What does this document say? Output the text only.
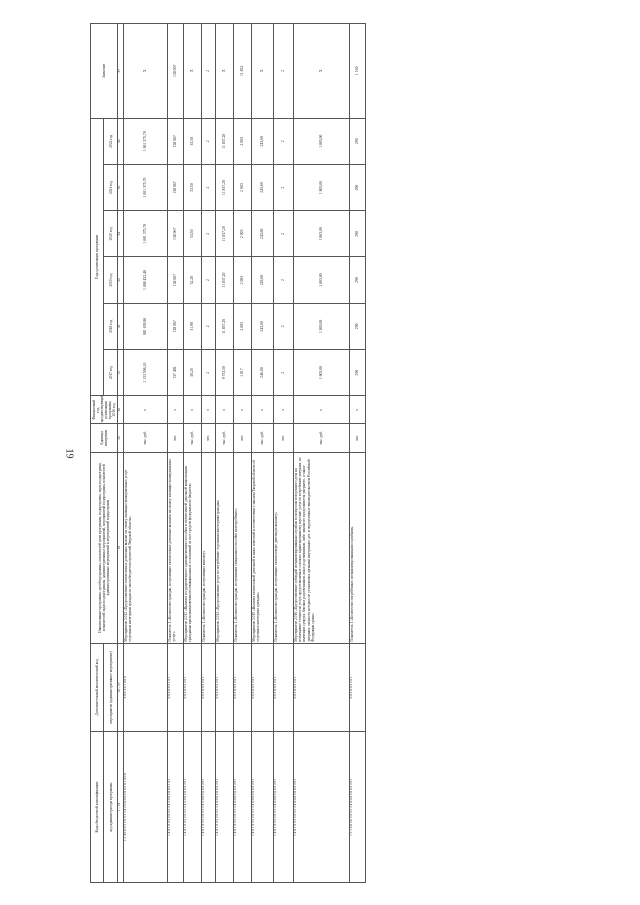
19
Коды бюджетной классификации	Дополнительный аналитический код	Наименование программы, целей программы, показателей цели программы, подпрограмм, задач подпрограмм, показателей задач подпрограммы, административных мероприятий, мероприятий подпрограмм, показателей административных мероприятий и мероприятий подпрограмм	Единица измерения	Финансовый год, предшествующий реализации программы, 2016 год	Годы реализации программы						Значение
код администратора программы	мероприятие (административное мероприятие)				2017 год	2018 год	2019 год	2020 год	2021 год	2022 год	
1 – 18	19 – 27	28	29	30	31	32	33	34	35	36	37
1 2 4 0 0 3 5 2 0 3 2 2 4 2 0 0 0 0 3 0 0 3 0 1 0 0 0	3 0 0 3 0 1 0 0 0	Мероприятие 2.012 «Предоставление ежемесячных денежных выплат на оплату жилищно-коммунальных услуг отдельным категориям граждан из числа бюджетополучателей Тверской области»	тыс. руб.	х	1 133 596,10	981 639,90	1 008 432,40	1 001 375,70	1 001 375,70	1 001 375,70	Х
1 4 0 1 0 3 5 2 0 3 2 2 4 2 0 0 3 0 0 3 1 0 1	0 0 3 0 0 3 1 0 1	Показатель 1 «Количество граждан, получающих ежемесячные денежные выплаты на оплату жилищно-коммунальных услуг»	чел.	х	137 492	138 067	138 067	138 067	138 067	138 067	138 067
1 4 0 1 0 3 5 2 0 3 2 2 4 5 0 0 3 0 0 3 2 0 1	0 0 3 0 0 3 2 0 1	Мероприятие 2.013 «Выплата государственного единовременного пособия и ежемесячной денежной компенсации гражданам при возникновении поствакцинальных осложнений за счет средств федерального бюджета»	тыс. руб.	х	30,20	31,90	32,20	33,50	33,50	33,50	Х
1 4 0 1 0 3 5 2 0 3 2 2 4 5 0 0 3 0 0 3 2 0 1	0 0 3 0 0 3 2 0 1	Показатель 1 «Количество граждан, получающих выплату»	чел.	х	2	2	2	2	2	2	2
1 4 0 1 0 3 5 2 0 3 2 2 4 0 0 0 3 0 0 3 2 0 1	0 0 3 0 0 3 2 0 1	Мероприятие 2.014 «Предоставление услуг по погребению отдельным категориям граждан»	тыс. руб.	х	9 753,50	11 837,20	11 837,20	11 837,20	11 837,20	11 837,20	Х
1 4 0 1 0 3 5 2 0 3 2 2 4 0 0 0 3 0 0 3 2 0 1	0 0 3 0 0 3 2 0 1	Показатель 1 «Количество граждан, получивших специальное пособие на погребение»	чел.	х	1 817	2 003	2 003	2 003	2 003	2 003	11 832
1 4 0 1 0 3 5 2 0 3 2 2 4 0 0 0 3 0 0 3 2 0 1	0 0 3 0 0 3 2 0 1	Мероприятие 2.015 «Выплата ежемесячной денежной и иных платежей в соответствии с законом Тверской области об отдельных категориях граждан»	тыс. руб.	х	246,00	243,60	243,60	243,60	243,60	243,60	Х
1 4 0 1 0 3 5 2 0 3 2 2 4 0 0 0 3 0 0 3 2 0 1	0 0 3 0 0 3 2 0 1	Показатель 1 «Количество граждан, получающих ежемесячную денежную выплату»	чел.	х	2	2	2	2	2	2	2
1 4 0 1 0 3 5 2 0 3 2 2 4 0 0 0 3 0 0 3 2 0 1	0 0 3 0 0 3 2 0 1	Мероприятие 2.016 «Предоставление субсидий специализированным службам по вопросам похоронного дела на возмещение стоимости услуг, предоставляемых согласно гарантированному перечню услуг по погребению умерших, не имеющих супруга, близких родственников, иных родственников, либо законного представителя умершего, а также умерших, личность которых не установлена органами внутренних дел, в определенные законодательством Российской Федерации сроки»	тыс. руб.	х	1 803,00	1 803,00	1 803,00	1 803,00	1 803,00	1 803,00	Х
1 5 1 0 0 3 6 2 0 3 2 2 4 0 0 0 3 0 0 3 2 0 1	0 0 3 0 0 3 2 0 1	Показатель 1 «Количество погребённых специализированными службами»	чел.	х	290	290	290	290	290	290	1 160
